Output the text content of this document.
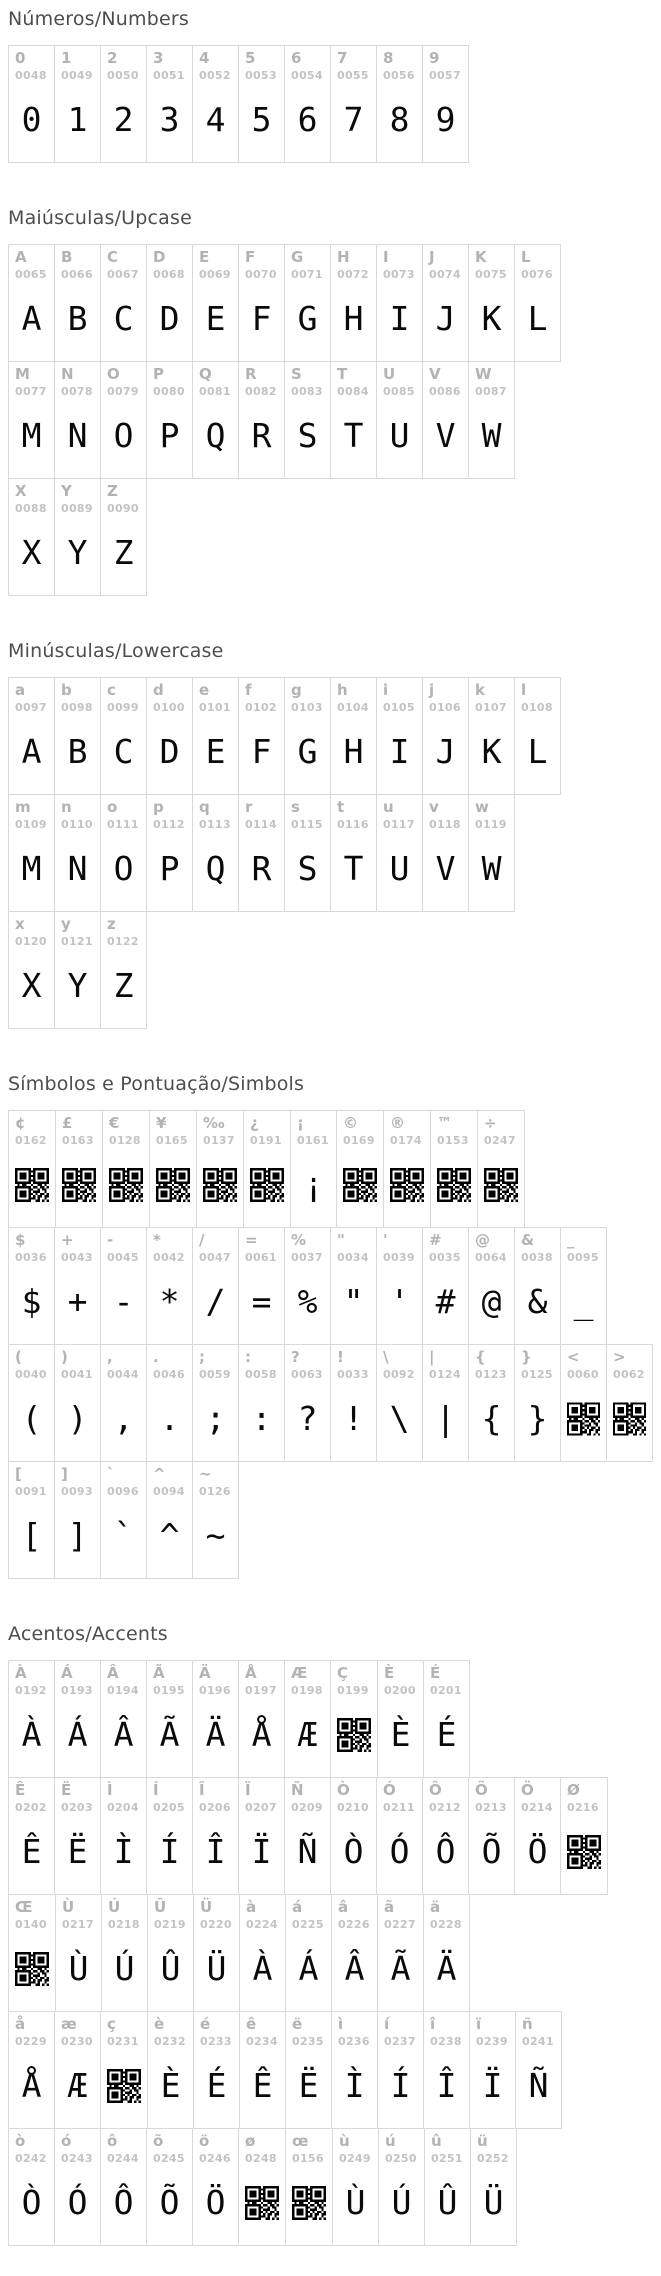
Números/Numbers
0
0048
0
1
0049
1
2
0050
2
3
0051
3
4
0052
4
5
0053
5
6
0054
6
7
0055
7
8
0056
8
9
0057
9
Maiúsculas/Upcase
A
0065
A
B
0066
B
C
0067
C
D
0068
D
E
0069
E
F
0070
F
G
0071
G
H
0072
H
I
0073
I
J
0074
J
K
0075
K
L
0076
L
M
0077
M
N
0078
N
O
0079
O
P
0080
P
Q
0081
Q
R
0082
R
S
0083
S
T
0084
T
U
0085
U
V
0086
V
W
0087
W
X
0088
X
Y
0089
Y
Z
0090
Z
Minúsculas/Lowercase
a
0097
A
b
0098
B
c
0099
C
d
0100
D
e
0101
E
f
0102
F
g
0103
G
h
0104
H
i
0105
I
j
0106
J
k
0107
K
l
0108
L
m
0109
M
n
0110
N
o
0111
O
p
0112
P
q
0113
Q
r
0114
R
s
0115
S
t
0116
T
u
0117
U
v
0118
V
w
0119
W
x
0120
X
y
0121
Y
z
0122
Z
Símbolos e Pontuação/Simbols
¢
0162
£
0163
€
0128
¥
0165
‰
0137
¿
0191
¡
0161
¡
©
0169
®
0174
™
0153
÷
0247
$
0036
$
+
0043
+
-
0045
-
*
0042
*
/
0047
/
=
0061
=
%
0037
%
"
0034
"
'
0039
'
#
0035
#
@
0064
@
&
0038
&
_
0095
_
(
0040
(
)
0041
)
,
0044
,
.
0046
.
;
0059
;
:
0058
:
?
0063
?
!
0033
!
\
0092
\
|
0124
|
{
0123
{
}
0125
}
<
0060
>
0062
[
0091
[
]
0093
]
`
0096
`
^
0094
^
~
0126
~
Acentos/Accents
À
0192
À
Á
0193
Á
Â
0194
Â
Ã
0195
Ã
Ä
0196
Ä
Å
0197
Å
Æ
0198
Æ
Ç
0199
È
0200
È
É
0201
É
Ê
0202
Ê
Ë
0203
Ë
Ì
0204
Ì
Í
0205
Í
Î
0206
Î
Ï
0207
Ï
Ñ
0209
Ñ
Ò
0210
Ò
Ó
0211
Ó
Ô
0212
Ô
Õ
0213
Õ
Ö
0214
Ö
Ø
0216
Œ
0140
Ù
0217
Ù
Ú
0218
Ú
Û
0219
Û
Ü
0220
Ü
à
0224
À
á
0225
Á
â
0226
Â
ã
0227
Ã
ä
0228
Ä
å
0229
Å
æ
0230
Æ
ç
0231
è
0232
È
é
0233
É
ê
0234
Ê
ë
0235
Ë
ì
0236
Ì
í
0237
Í
î
0238
Î
ï
0239
Ï
ñ
0241
Ñ
ò
0242
Ò
ó
0243
Ó
ô
0244
Ô
õ
0245
Õ
ö
0246
Ö
ø
0248
œ
0156
ù
0249
Ù
ú
0250
Ú
û
0251
Û
ü
0252
Ü
